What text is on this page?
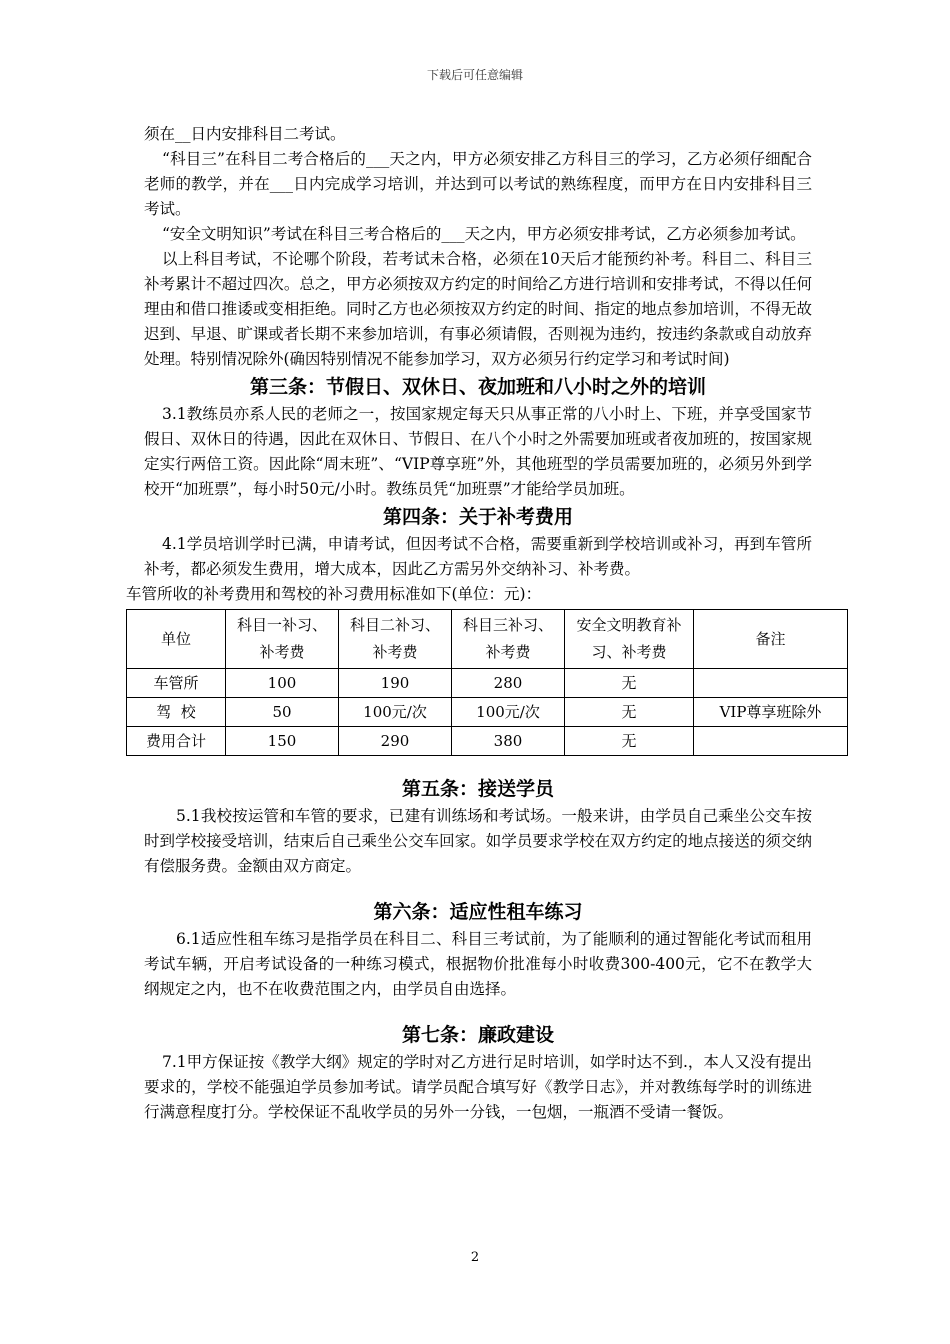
下载后可任意编辑

须在__日内安排科目二考试。

“科目三”在科目二考合格后的___天之内，甲方必须安排乙方科目三的学习，乙方必须仔细配合老师的教学，并在___日内完成学习培训，并达到可以考试的熟练程度，而甲方在日内安排科目三考试。

“安全文明知识”考试在科目三考合格后的___天之内，甲方必须安排考试，乙方必须参加考试。

以上科目考试，不论哪个阶段，若考试未合格，必须在10天后才能预约补考。科目二、科目三补考累计不超过四次。总之，甲方必须按双方约定的时间给乙方进行培训和安排考试，不得以任何理由和借口推诿或变相拒绝。同时乙方也必须按双方约定的时间、指定的地点参加培训，不得无故迟到、早退、旷课或者长期不来参加培训，有事必须请假，否则视为违约，按违约条款或自动放弃处理。特别情况除外(确因特别情况不能参加学习，双方必须另行约定学习和考试时间)

第三条：节假日、双休日、夜加班和八小时之外的培训

3.1教练员亦系人民的老师之一，按国家规定每天只从事正常的八小时上、下班，并享受国家节假日、双休日的待遇，因此在双休日、节假日、在八个小时之外需要加班或者夜加班的，按国家规定实行两倍工资。因此除“周末班”、“VIP尊享班”外，其他班型的学员需要加班的，必须另外到学校开“加班票”，每小时50元/小时。教练员凭“加班票”才能给学员加班。

第四条：关于补考费用

4.1学员培训学时已满，申请考试，但因考试不合格，需要重新到学校培训或补习，再到车管所补考，都必须发生费用，增大成本，因此乙方需另外交纳补习、补考费。

车管所收的补考费用和驾校的补习费用标准如下(单位：元)：

单位	科目一补习、补考费	科目二补习、补考费	科目三补习、补考费	安全文明教育补习、补考费	备注
车管所	100	190	280	无	
驾  校	50	100元/次	100元/次	无	VIP尊享班除外
费用合计	150	290	380	无	
第五条：接送学员

5.1我校按运管和车管的要求，已建有训练场和考试场。一般来讲，由学员自己乘坐公交车按时到学校接受培训，结束后自己乘坐公交车回家。如学员要求学校在双方约定的地点接送的须交纳有偿服务费。金额由双方商定。

第六条：适应性租车练习

6.1适应性租车练习是指学员在科目二、科目三考试前，为了能顺利的通过智能化考试而租用考试车辆，开启考试设备的一种练习模式，根据物价批准每小时收费300-400元，它不在教学大纲规定之内，也不在收费范围之内，由学员自由选择。

第七条：廉政建设

7.1甲方保证按《教学大纲》规定的学时对乙方进行足时培训，如学时达不到.，本人又没有提出要求的，学校不能强迫学员参加考试。请学员配合填写好《教学日志》，并对教练每学时的训练进行满意程度打分。学校保证不乱收学员的另外一分钱，一包烟，一瓶酒不受请一餐饭。

2
